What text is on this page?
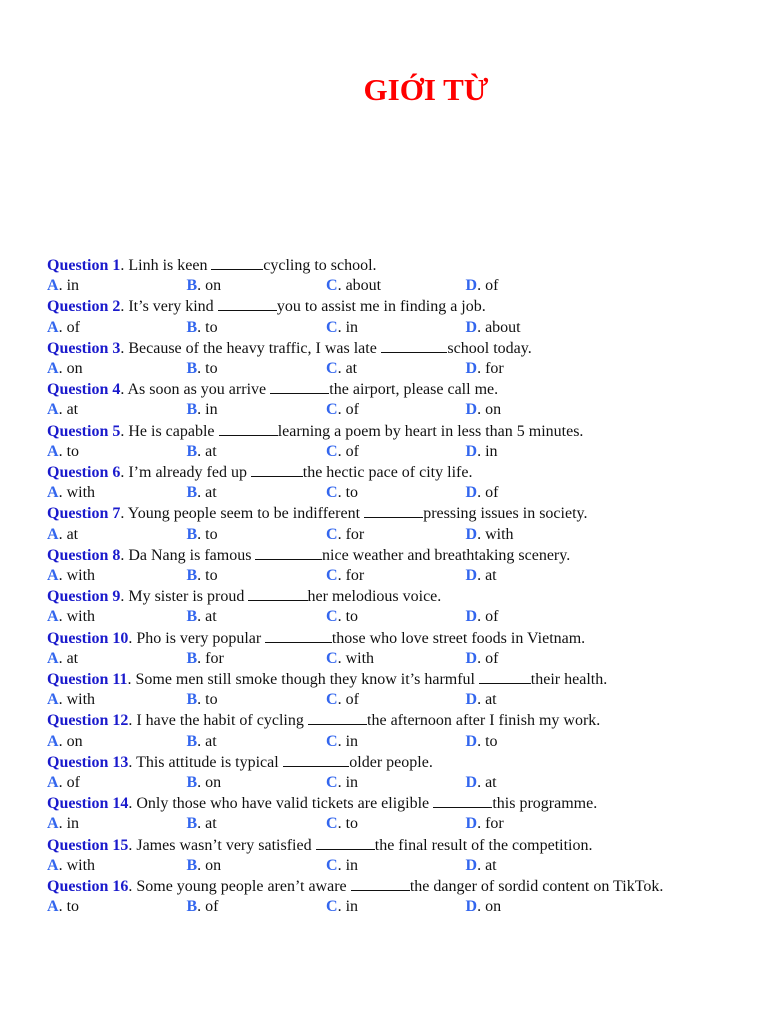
GIỚI TỪ
Question 1. Linh is keen	cycling to school.
A. in	B. on	C. about	D. of
Question 2. It’s very kind	you to assist me in finding a job.
A. of	B. to	C. in	D. about
Question 3. Because of the heavy traffic, I was late	school today.
A. on	B. to	C. at	D. for
Question 4. As soon as you arrive	the airport, please call me.
A. at	B. in	C. of	D. on
Question 5. He is capable	learning a poem by heart in less than 5 minutes.
A. to	B. at	C. of	D. in
Question 6. I’m already fed up	the hectic pace of city life.
A. with	B. at	C. to	D. of
Question 7. Young people seem to be indifferent	pressing issues in society.
A. at	B. to	C. for	D. with
Question 8. Da Nang is famous	nice weather and breathtaking scenery.
A. with	B. to	C. for	D. at
Question 9. My sister is proud	her melodious voice.
A. with	B. at	C. to	D. of
Question 10. Pho is very popular	those who love street foods in Vietnam.
A. at	B. for	C. with	D. of
Question 11. Some men still smoke though they know it’s harmful	their health.
A. with	B. to	C. of	D. at
Question 12. I have the habit of cycling	the afternoon after I finish my work.
A. on	B. at	C. in	D. to
Question 13. This attitude is typical	older people.
A. of	B. on	C. in	D. at
Question 14. Only those who have valid tickets are eligible	this programme.
A. in	B. at	C. to	D. for
Question 15. James wasn’t very satisfied	the final result of the competition.
A. with	B. on	C. in	D. at
Question 16. Some young people aren’t aware	the danger of sordid content on TikTok.
A. to	B. of	C. in	D. on
